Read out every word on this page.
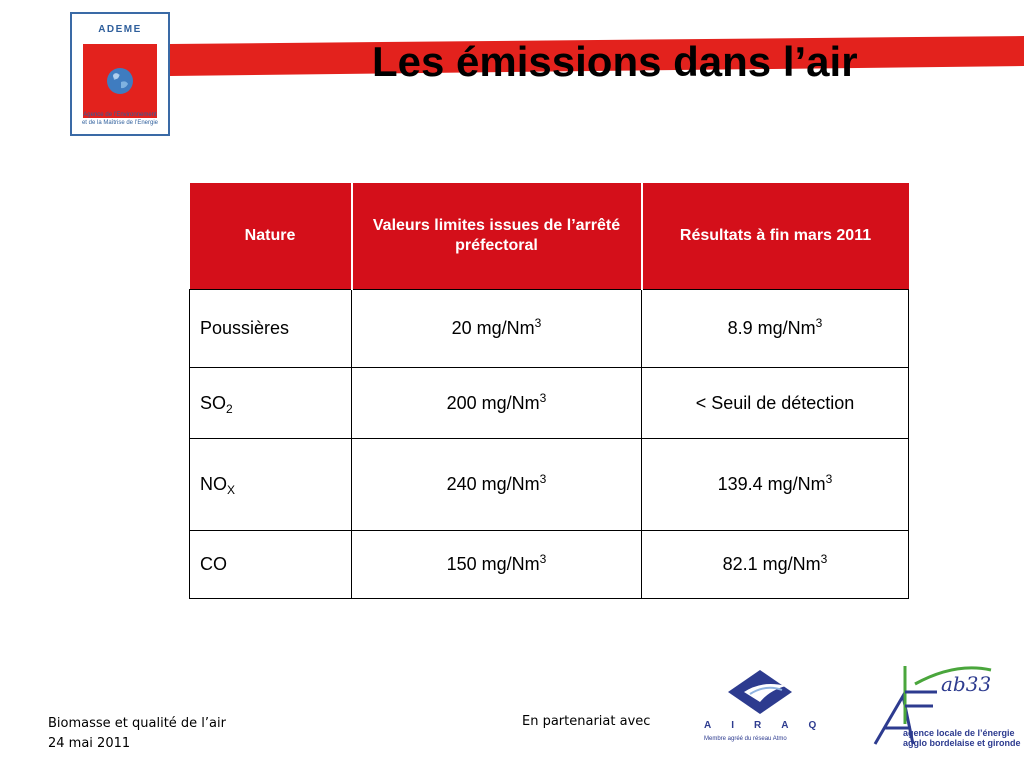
ADEME
Agence de l’Environnement
et de la Maîtrise de l’Energie
Les émissions dans l’air
Nature	Valeurs limites issues de l’arrêté préfectoral	Résultats à fin mars 2011
Poussières	20 mg/Nm$^3$	8.9 mg/Nm$^3$
$SO_2$	200 $mg/Nm^3$	< Seuil de détection
$NO_X$	240 mg/Nm$^3$	139.4 mg/Nm$^3$
CO	150 mg/Nm$^3$	82.1 mg/Nm$^3$
Biomasse et qualité de l’air
24 mai 2011
En partenariat avec	AIRAQ
Membre agréé du réseau Atmo
ab33
agence locale de l’énergie
agglo bordelaise et gironde
